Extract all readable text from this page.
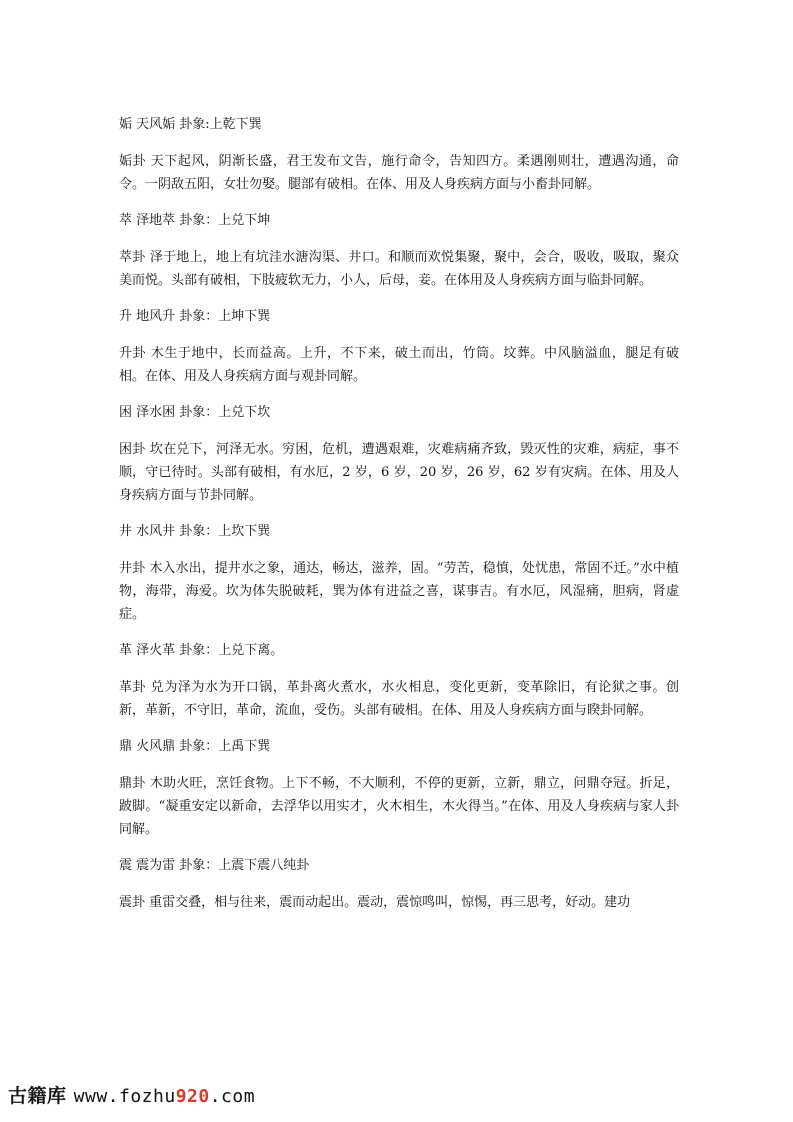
姤 天风姤 卦象:上乾下巽

姤卦 天下起风，阴渐长盛，君王发布文告，施行命令，告知四方。柔遇刚则壮，遭遇沟通，命令。一阴敌五阳，女壮勿娶。腿部有破相。在体、用及人身疾病方面与小畜卦同解。

萃 泽地萃 卦象：上兑下坤

萃卦 泽于地上，地上有坑洼水溏沟渠、井口。和顺而欢悦集聚，聚中，会合，吸收，吸取，聚众美而悦。头部有破相，下肢疲软无力，小人，后母，妾。在体用及人身疾病方面与临卦同解。

升 地风升 卦象：上坤下巽

升卦 木生于地中，长而益高。上升，不下来，破土而出，竹筒。坟葬。中风脑溢血，腿足有破相。在体、用及人身疾病方面与观卦同解。

困 泽水困 卦象：上兑下坎

困卦 坎在兑下，河泽无水。穷困，危机，遭遇艰难，灾难病痛齐致，毁灭性的灾难，病症，事不顺，守已待时。头部有破相，有水厄，2 岁，6 岁，20 岁，26 岁，62 岁有灾病。在体、用及人身疾病方面与节卦同解。

井 水风井 卦象：上坎下巽

井卦 木入水出，提井水之象，通达，畅达，滋养，固。“劳苦，稳慎，处忧患，常固不迁。”水中植物，海带，海爱。坎为体失脱破耗，巽为体有进益之喜，谋事吉。有水厄，风湿痛，胆病，肾虚症。

革 泽火革 卦象：上兑下离。

革卦 兑为泽为水为开口锅，革卦离火煮水，水火相息，变化更新，变革除旧，有论狱之事。创新，革新，不守旧，革命，流血，受伤。头部有破相。在体、用及人身疾病方面与睽卦同解。

鼎 火风鼎 卦象：上禹下巽

鼎卦 木助火旺，烹饪食物。上下不畅，不大顺利，不停的更新，立新，鼎立，问鼎夺冠。折足，跛脚。“凝重安定以新命，去浮华以用实才，火木相生，木火得当。”在体、用及人身疾病与家人卦同解。

震 震为雷 卦象：上震下震八纯卦

震卦 重雷交叠，相与往来，震而动起出。震动，震惊鸣叫，惊惕，再三思考，好动。建功

古籍库 www.fozhu920.com
